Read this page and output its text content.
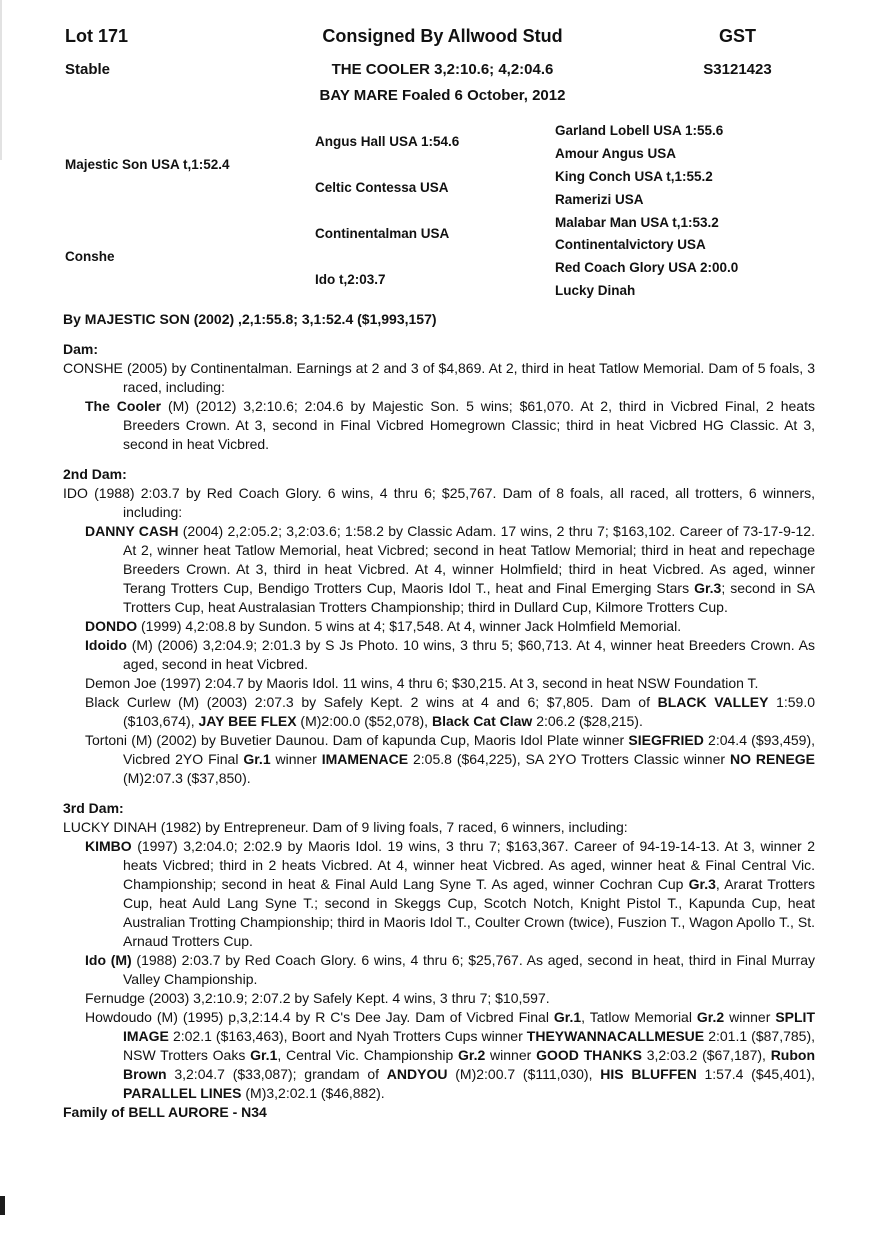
Lot 171
Stable
Consigned By Allwood Stud
THE COOLER 3,2:10.6; 4,2:04.6
BAY MARE Foaled 6 October, 2012
GST
S3121423
Majestic Son USA t,1:52.4
Conshe
Angus Hall USA 1:54.6
Celtic Contessa USA
Continentalman USA
Ido t,2:03.7
Garland Lobell USA 1:55.6
Amour Angus USA
King Conch USA t,1:55.2
Ramerizi USA
Malabar Man USA t,1:53.2
Continentalvictory USA
Red Coach Glory USA 2:00.0
Lucky Dinah
By MAJESTIC SON (2002) ,2,1:55.8; 3,1:52.4 ($1,993,157)
Dam:

CONSHE (2005) by Continentalman. Earnings at 2 and 3 of $4,869. At 2, third in heat Tatlow Memorial. Dam of 5 foals, 3 raced, including:

The Cooler (M) (2012) 3,2:10.6; 2:04.6 by Majestic Son. 5 wins; $61,070. At 2, third in Vicbred Final, 2 heats Breeders Crown. At 3, second in Final Vicbred Homegrown Classic; third in heat Vicbred HG Classic. At 3, second in heat Vicbred.

2nd Dam:

IDO (1988) 2:03.7 by Red Coach Glory. 6 wins, 4 thru 6; $25,767. Dam of 8 foals, all raced, all trotters, 6 winners, including:

DANNY CASH (2004) 2,2:05.2; 3,2:03.6; 1:58.2 by Classic Adam. 17 wins, 2 thru 7; $163,102. Career of 73-17-9-12. At 2, winner heat Tatlow Memorial, heat Vicbred; second in heat Tatlow Memorial; third in heat and repechage Breeders Crown. At 3, third in heat Vicbred. At 4, winner Holmfield; third in heat Vicbred. As aged, winner Terang Trotters Cup, Bendigo Trotters Cup, Maoris Idol T., heat and Final Emerging Stars Gr.3; second in SA Trotters Cup, heat Australasian Trotters Championship; third in Dullard Cup, Kilmore Trotters Cup.

DONDO (1999) 4,2:08.8 by Sundon. 5 wins at 4; $17,548. At 4, winner Jack Holmfield Memorial.

Idoido (M) (2006) 3,2:04.9; 2:01.3 by S Js Photo. 10 wins, 3 thru 5; $60,713. At 4, winner heat Breeders Crown. As aged, second in heat Vicbred.

Demon Joe (1997) 2:04.7 by Maoris Idol. 11 wins, 4 thru 6; $30,215. At 3, second in heat NSW Foundation T.

Black Curlew (M) (2003) 2:07.3 by Safely Kept. 2 wins at 4 and 6; $7,805. Dam of BLACK VALLEY 1:59.0 ($103,674), JAY BEE FLEX (M)2:00.0 ($52,078), Black Cat Claw 2:06.2 ($28,215).

Tortoni (M) (2002) by Buvetier Daunou. Dam of kapunda Cup, Maoris Idol Plate winner SIEGFRIED 2:04.4 ($93,459), Vicbred 2YO Final Gr.1 winner IMAMENACE 2:05.8 ($64,225), SA 2YO Trotters Classic winner NO RENEGE (M)2:07.3 ($37,850).

3rd Dam:

LUCKY DINAH (1982) by Entrepreneur. Dam of 9 living foals, 7 raced, 6 winners, including:

KIMBO (1997) 3,2:04.0; 2:02.9 by Maoris Idol. 19 wins, 3 thru 7; $163,367. Career of 94-19-14-13. At 3, winner 2 heats Vicbred; third in 2 heats Vicbred. At 4, winner heat Vicbred. As aged, winner heat & Final Central Vic. Championship; second in heat & Final Auld Lang Syne T. As aged, winner Cochran Cup Gr.3, Ararat Trotters Cup, heat Auld Lang Syne T.; second in Skeggs Cup, Scotch Notch, Knight Pistol T., Kapunda Cup, heat Australian Trotting Championship; third in Maoris Idol T., Coulter Crown (twice), Fuszion T., Wagon Apollo T., St. Arnaud Trotters Cup.

Ido (M) (1988) 2:03.7 by Red Coach Glory. 6 wins, 4 thru 6; $25,767. As aged, second in heat, third in Final Murray Valley Championship.

Fernudge (2003) 3,2:10.9; 2:07.2 by Safely Kept. 4 wins, 3 thru 7; $10,597.

Howdoudo (M) (1995) p,3,2:14.4 by R C's Dee Jay. Dam of Vicbred Final Gr.1, Tatlow Memorial Gr.2 winner SPLIT IMAGE 2:02.1 ($163,463), Boort and Nyah Trotters Cups winner THEYWANNACALLMESUE 2:01.1 ($87,785), NSW Trotters Oaks Gr.1, Central Vic. Championship Gr.2 winner GOOD THANKS 3,2:03.2 ($67,187), Rubon Brown 3,2:04.7 ($33,087); grandam of ANDYOU (M)2:00.7 ($111,030), HIS BLUFFEN 1:57.4 ($45,401), PARALLEL LINES (M)3,2:02.1 ($46,882).

Family of BELL AURORE - N34
